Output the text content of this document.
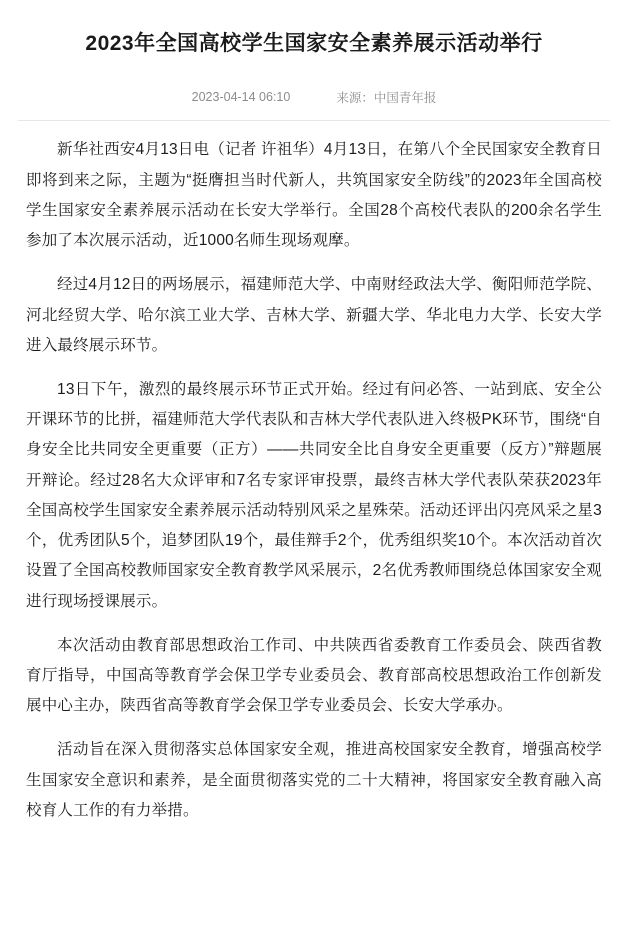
2023年全国高校学生国家安全素养展示活动举行
2023-04-14 06:10	来源：中国青年报

新华社西安4月13日电（记者 许祖华）4月13日，在第八个全民国家安全教育日即将到来之际，主题为“挺膺担当时代新人，共筑国家安全防线”的2023年全国高校学生国家安全素养展示活动在长安大学举行。全国28个高校代表队的200余名学生参加了本次展示活动，近1000名师生现场观摩。

经过4月12日的两场展示，福建师范大学、中南财经政法大学、衡阳师范学院、河北经贸大学、哈尔滨工业大学、吉林大学、新疆大学、华北电力大学、长安大学进入最终展示环节。

13日下午，激烈的最终展示环节正式开始。经过有问必答、一站到底、安全公开课环节的比拼，福建师范大学代表队和吉林大学代表队进入终极PK环节，围绕“自身安全比共同安全更重要（正方）——共同安全比自身安全更重要（反方）”辩题展开辩论。经过28名大众评审和7名专家评审投票，最终吉林大学代表队荣获2023年全国高校学生国家安全素养展示活动特别风采之星殊荣。活动还评出闪亮风采之星3个，优秀团队5个，追梦团队19个，最佳辩手2个，优秀组织奖10个。本次活动首次设置了全国高校教师国家安全教育教学风采展示，2名优秀教师围绕总体国家安全观进行现场授课展示。

本次活动由教育部思想政治工作司、中共陕西省委教育工作委员会、陕西省教育厅指导，中国高等教育学会保卫学专业委员会、教育部高校思想政治工作创新发展中心主办，陕西省高等教育学会保卫学专业委员会、长安大学承办。

活动旨在深入贯彻落实总体国家安全观，推进高校国家安全教育，增强高校学生国家安全意识和素养，是全面贯彻落实党的二十大精神，将国家安全教育融入高校育人工作的有力举措。
